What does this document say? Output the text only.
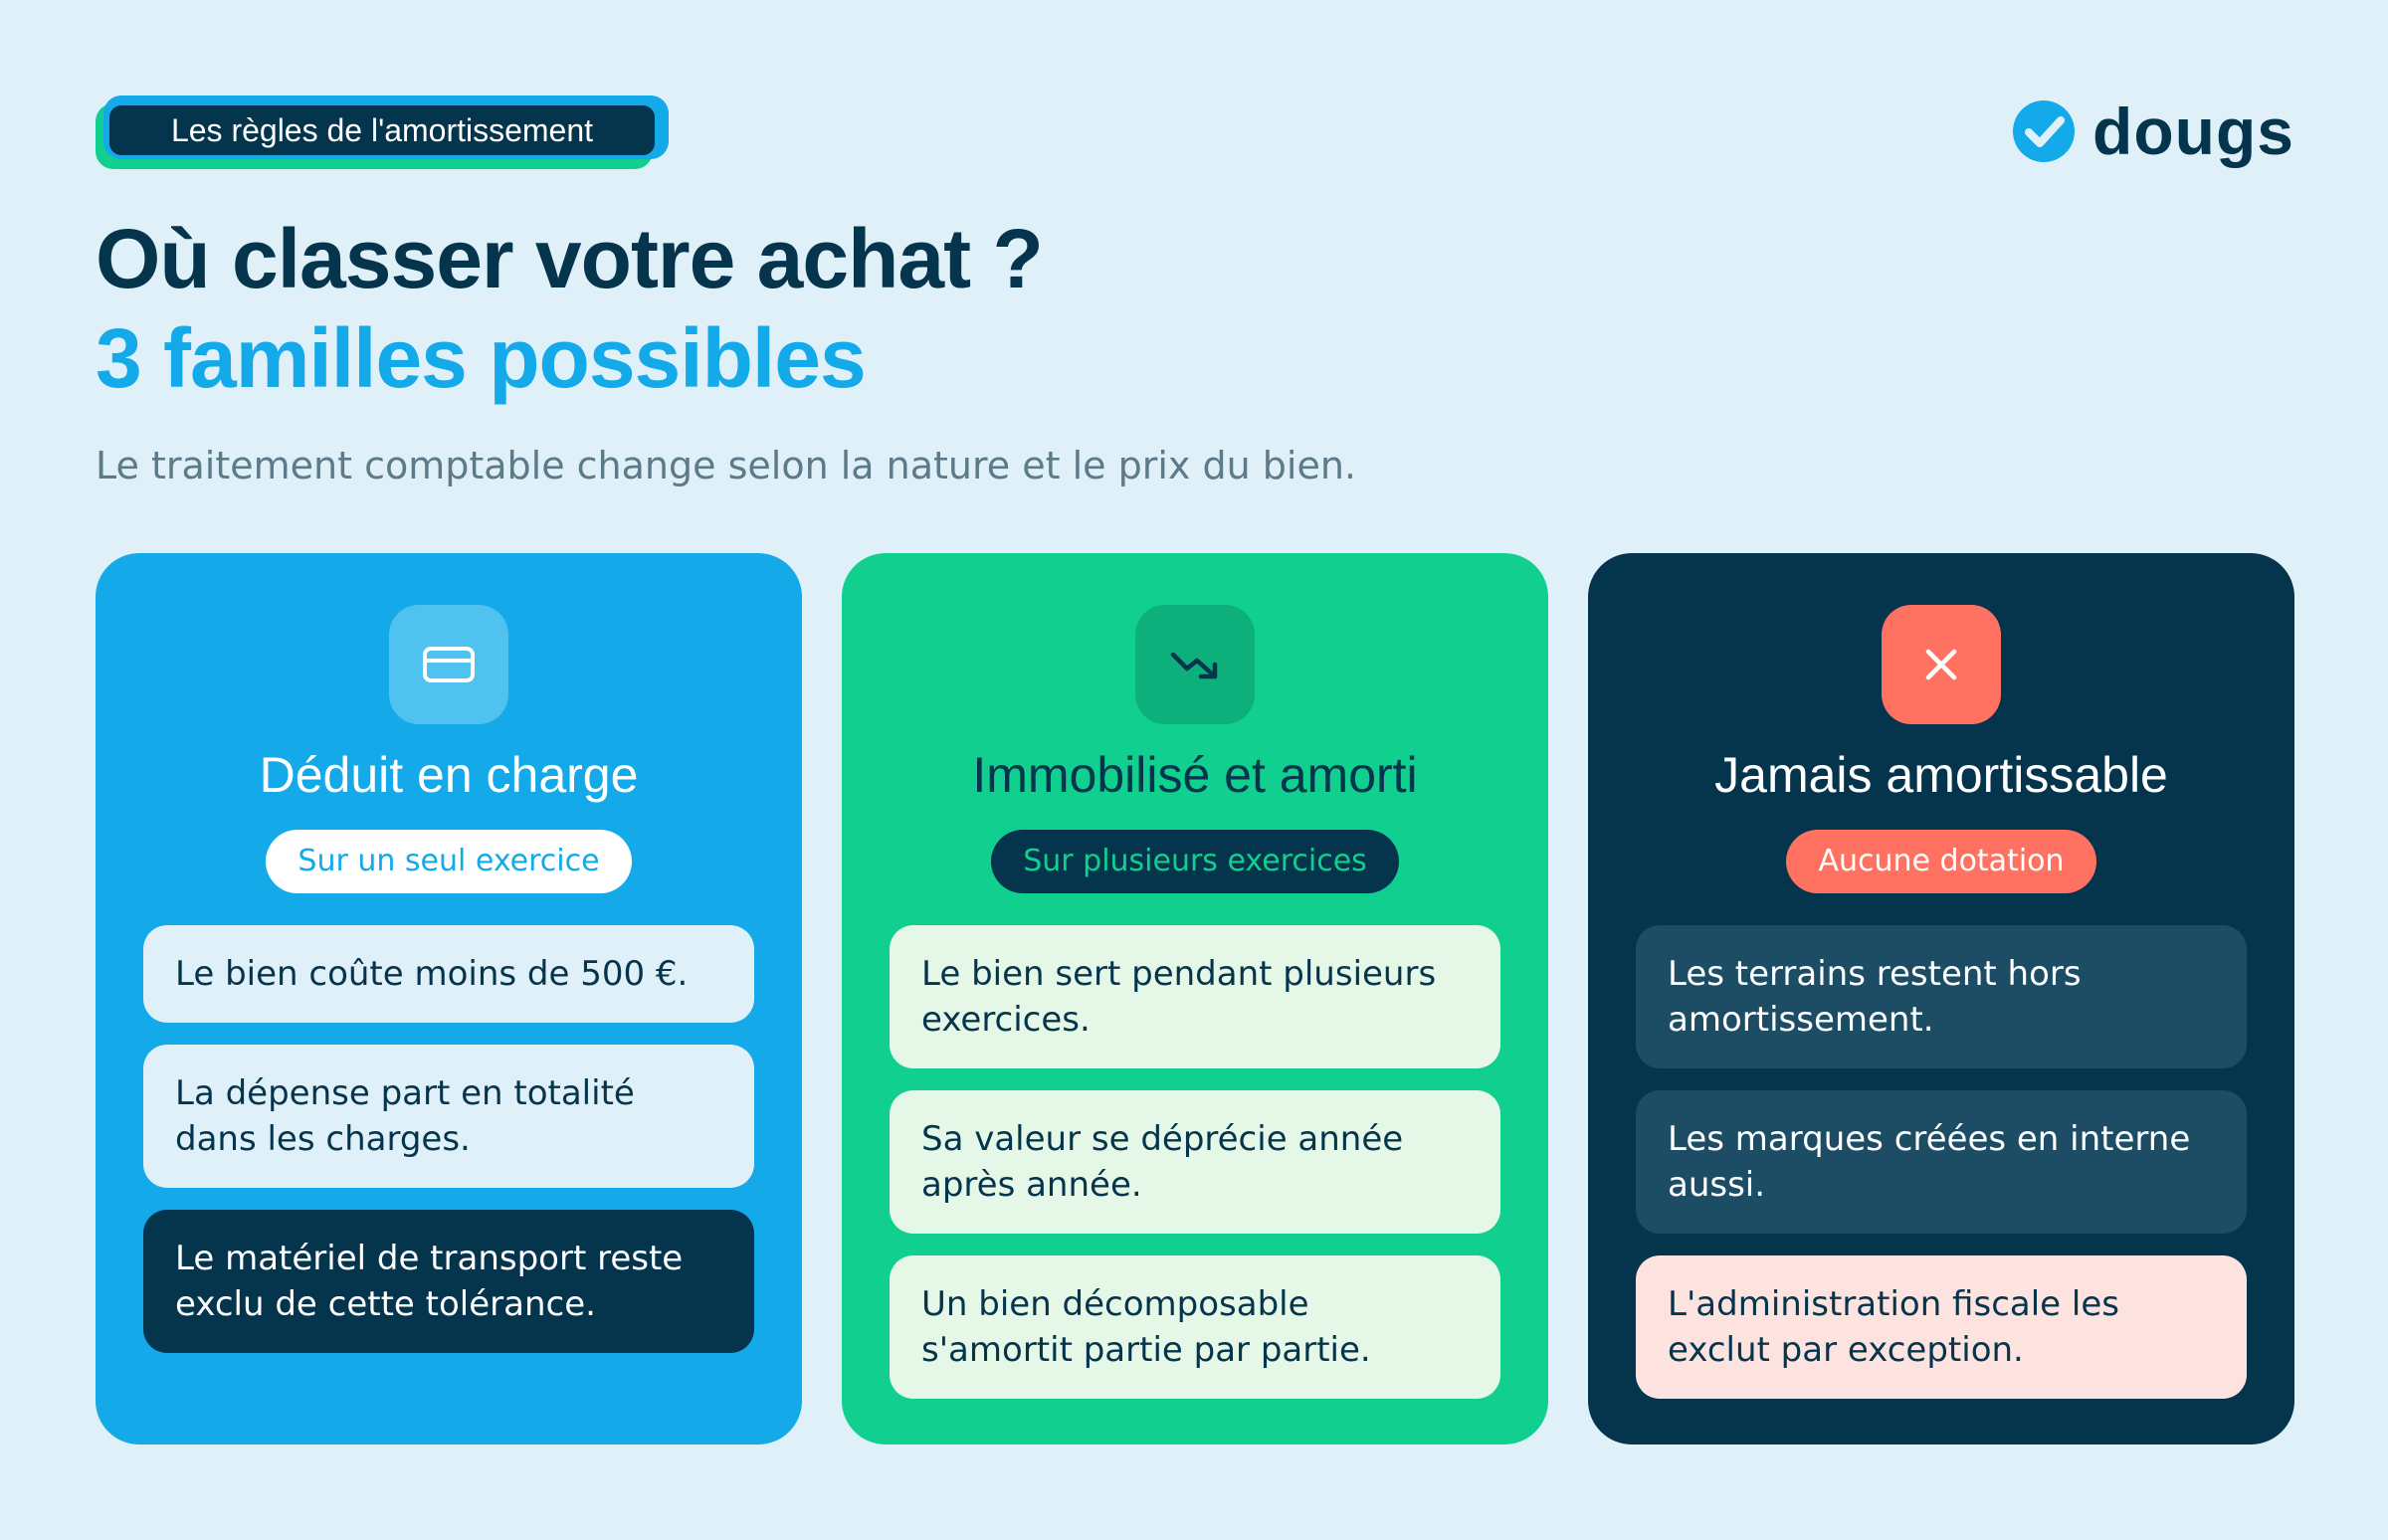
Les règles de l'amortissement	dougs
Où classer votre achat ?
3 familles possibles

Le traitement comptable change selon la nature et le prix du bien.

Déduit en charge
Sur un seul exercice
Le bien coûte moins de 500 €.
La dépense part en totalité dans les charges.
Le matériel de transport reste exclu de cette tolérance.
Immobilisé et amorti
Sur plusieurs exercices
Le bien sert pendant plusieurs exercices.
Sa valeur se déprécie année après année.
Un bien décomposable s'amortit partie par partie.
Jamais amortissable
Aucune dotation
Les terrains restent hors amortissement.
Les marques créées en interne aussi.
L'administration fiscale les exclut par exception.
